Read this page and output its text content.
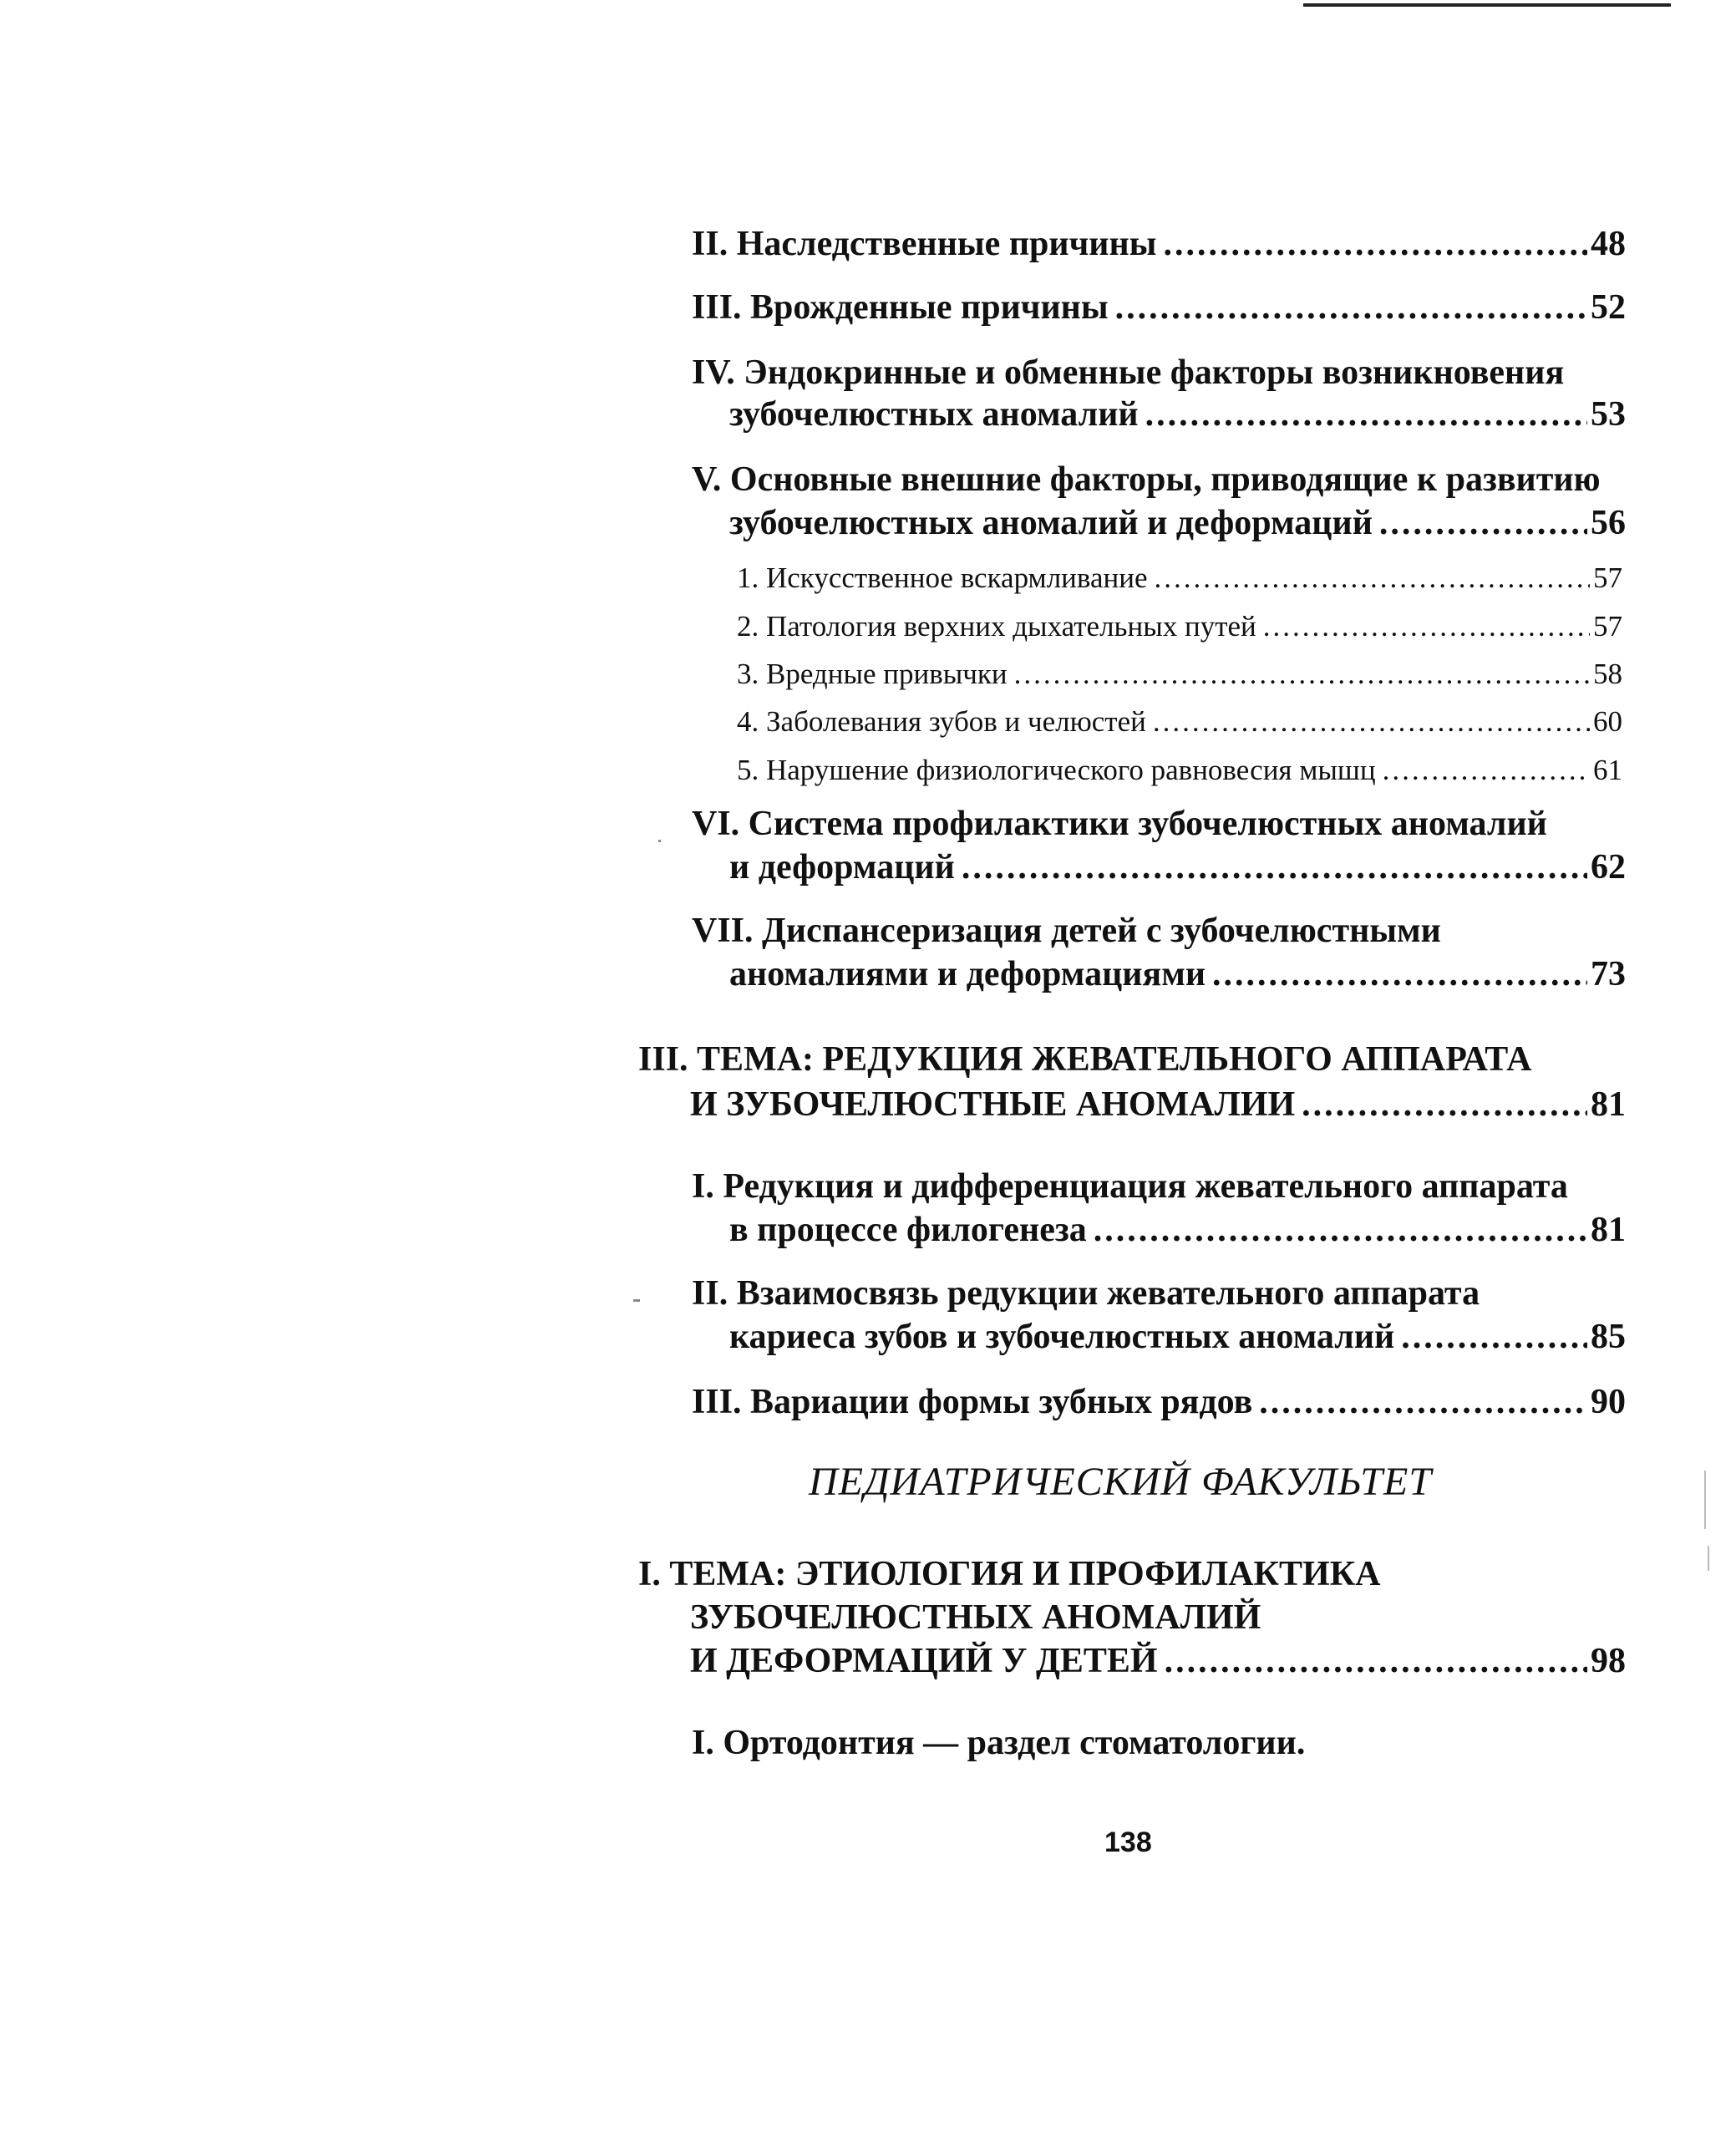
II. Наследственные причины .....	48
III. Врожденные причины .....	52
IV. Эндокринные и обменные факторы возникновения
зубочелюстных аномалий .....	53
V. Основные внешние факторы, приводящие к развитию
зубочелюстных аномалий и деформаций .....	56
1. Искусственное вскармливание .....	57
2. Патология верхних дыхательных путей .....	57
3. Вредные привычки .....	58
4. Заболевания зубов и челюстей .....	60
5. Нарушение физиологического равновесия мышц .....	61
VI. Система профилактики зубочелюстных аномалий
и деформаций .....	62
VII. Диспансеризация детей с зубочелюстными
аномалиями и деформациями .....	73
III. ТЕМА: РЕДУКЦИЯ ЖЕВАТЕЛЬНОГО АППАРАТА
И ЗУБОЧЕЛЮСТНЫЕ АНОМАЛИИ .....	81
I. Редукция и дифференциация жевательного аппарата
в процессе филогенеза .....	81
II. Взаимосвязь редукции жевательного аппарата
кариеса зубов и зубочелюстных аномалий .....	85
III. Вариации формы зубных рядов .....	90
ПЕДИАТРИЧЕСКИЙ ФАКУЛЬТЕТ
I. ТЕМА: ЭТИОЛОГИЯ И ПРОФИЛАКТИКА
ЗУБОЧЕЛЮСТНЫХ АНОМАЛИЙ
И ДЕФОРМАЦИЙ У ДЕТЕЙ .....	98
I. Ортодонтия — раздел стоматологии.
138
